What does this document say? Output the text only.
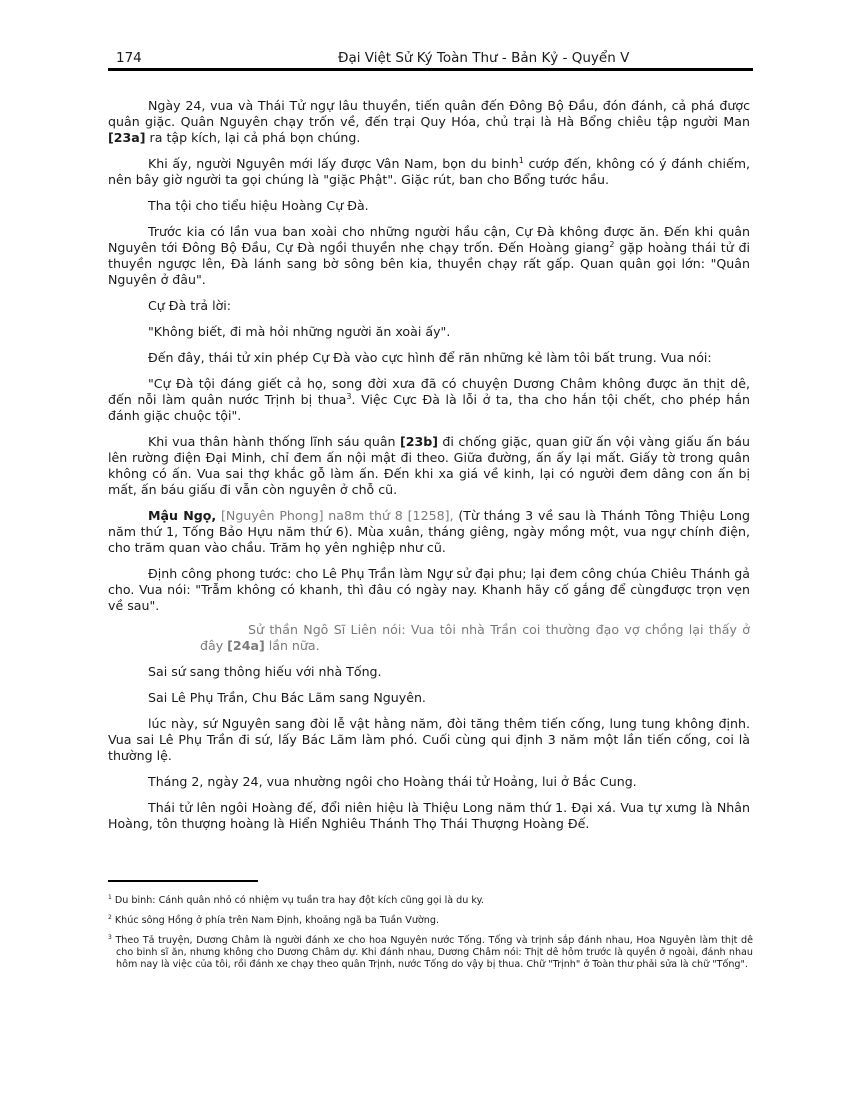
174	Đại Việt Sử Ký Toàn Thư - Bản Kỷ - Quyển V

Ngày 24, vua và Thái Tử ngự lâu thuyền, tiến quân đến Đông Bộ Đầu, đón đánh, cả phá được quân giặc. Quân Nguyên chạy trốn về, đến trại Quy Hóa, chủ trại là Hà Bổng chiêu tập người Man [23a] ra tập kích, lại cả phá bọn chúng.

Khi ấy, người Nguyên mới lấy được Vân Nam, bọn du binh$^1$ cướp đến, không có ý đánh chiếm, nên bây giờ người ta gọi chúng là "giặc Phật". Giặc rút, ban cho Bổng tước hầu.

Tha tội cho tiểu hiệu Hoàng Cự Đà.

Trước kia có lần vua ban xoài cho những người hầu cận, Cự Đà không được ăn. Đến khi quân Nguyên tới Đông Bộ Đầu, Cự Đà ngồi thuyền nhẹ chạy trốn. Đến Hoàng giang$^2$ gặp hoàng thái tử đi thuyền ngược lên, Đà lánh sang bờ sông bên kia, thuyền chạy rất gấp. Quan quân gọi lớn: "Quân Nguyên ở đâu".

Cự Đà trả lời:

"Không biết, đi mà hỏi những người ăn xoài ấy".

Đến đây, thái tử xin phép Cự Đà vào cực hình để răn những kẻ làm tôi bất trung. Vua nói:

"Cự Đà tội đáng giết cả họ, song đời xưa đã có chuyện Dương Châm không được ăn thịt dê, đến nỗi làm quân nước Trịnh bị thua$^3$. Việc Cực Đà là lỗi ở ta, tha cho hắn tội chết, cho phép hắn đánh giặc chuộc tội".

Khi vua thân hành thống lĩnh sáu quân [23b] đi chống giặc, quan giữ ấn vội vàng giấu ấn báu lên rường điện Đại Minh, chỉ đem ấn nội mật đi theo. Giữa đường, ấn ấy lại mất. Giấy tờ trong quân không có ấn. Vua sai thợ khắc gỗ làm ấn. Đến khi xa giá về kinh, lại có người đem dâng con ấn bị mất, ấn báu giấu đi vẫn còn nguyên ở chỗ cũ.

Mậu Ngọ, [Nguyên Phong] na8m thứ 8 [1258], (Từ tháng 3 về sau là Thánh Tông Thiệu Long năm thứ 1, Tống Bảo Hựu năm thứ 6). Mùa xuân, tháng giêng, ngày mồng một, vua ngự chính điện, cho trăm quan vào chầu. Trăm họ yên nghiệp như cũ.

Định công phong tước: cho Lê Phụ Trần làm Ngự sử đại phu; lại đem công chúa Chiêu Thánh gả cho. Vua nói: "Trẫm không có khanh, thì đâu có ngày nay. Khanh hãy cố gắng để cùngđược trọn vẹn về sau".

Sử thần Ngô Sĩ Liên nói: Vua tôi nhà Trần coi thường đạo vợ chồng lại thấy ở đây [24a] lần nữa.

Sai sứ sang thông hiếu với nhà Tống.

Sai Lê Phụ Trần, Chu Bác Lãm sang Nguyên.

lúc này, sứ Nguyên sang đòi lễ vật hằng năm, đòi tăng thêm tiến cống, lung tung không định. Vua sai Lê Phụ Trần đi sứ, lấy Bác Lãm làm phó. Cuối cùng qui định 3 năm một lần tiến cống, coi là thường lệ.

Tháng 2, ngày 24, vua nhường ngôi cho Hoàng thái tử Hoảng, lui ở Bắc Cung.

Thái tử lên ngôi Hoàng đế, đổi niên hiệu là Thiệu Long năm thứ 1. Đại xá. Vua tự xưng là Nhân Hoàng, tôn thượng hoàng là Hiển Nghiêu Thánh Thọ Thái Thượng Hoàng Đế.

$^1$ Du binh: Cánh quân nhỏ có nhiệm vụ tuần tra hay đột kích cũng gọi là du ky.

$^2$ Khúc sông Hồng ở phía trên Nam Định, khoảng ngã ba Tuần Vường.

$^3$ Theo Tả truyện, Dương Châm là người đánh xe cho hoa Nguyên nước Tống. Tống và trịnh sắp đánh nhau, Hoa Nguyên làm thịt dê cho binh sĩ ăn, nhưng không cho Dương Châm dự. Khi đánh nhau, Dương Châm nói: Thịt dê hôm trước là quyền ở ngoài, đánh nhau hôm nay là việc của tôi, rồi đánh xe chạy theo quân Trịnh, nước Tống do vậy bị thua. Chữ "Trịnh" ở Toàn thư phải sửa là chữ "Tống".
